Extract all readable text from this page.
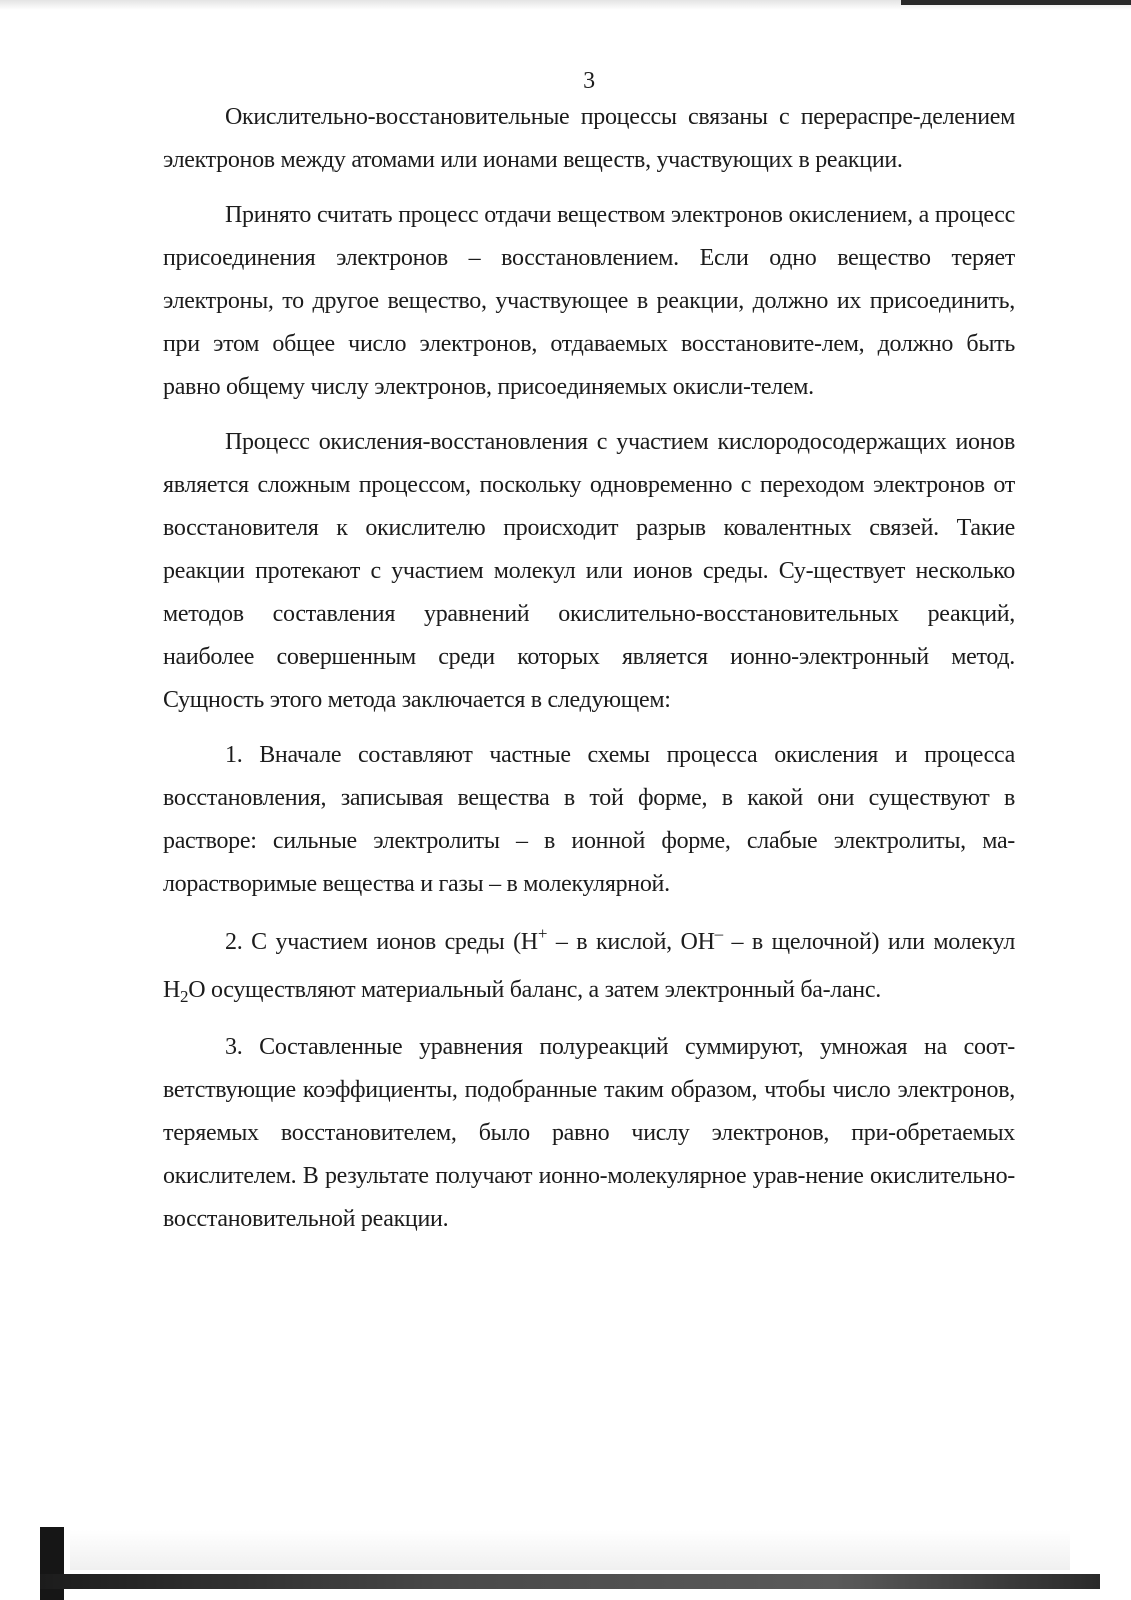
3

Окислительно-восстановительные процессы связаны с перераспре-делением электронов между атомами или ионами веществ, участвующих в реакции.

Принято считать процесс отдачи веществом электронов окислением, а процесс присоединения электронов – восстановлением. Если одно вещество теряет электроны, то другое вещество, участвующее в реакции, должно их присоединить, при этом общее число электронов, отдаваемых восстановите-лем, должно быть равно общему числу электронов, присоединяемых окисли-телем.

Процесс окисления-восстановления с участием кислородосодержащих ионов является сложным процессом, поскольку одновременно с переходом электронов от восстановителя к окислителю происходит разрыв ковалентных связей. Такие реакции протекают с участием молекул или ионов среды. Су-ществует несколько методов составления уравнений окислительно-восстановительных реакций, наиболее совершенным среди которых является ионно-электронный метод. Сущность этого метода заключается в следующем:

1. Вначале составляют частные схемы процесса окисления и процесса восстановления, записывая вещества в той форме, в какой они существуют в растворе: сильные электролиты – в ионной форме, слабые электролиты, ма-лорастворимые вещества и газы – в молекулярной.

2. С участием ионов среды (Н+ – в кислой, ОН– – в щелочной) или молекул $Н_2О$ осуществляют материальный баланс, а затем электронный ба-ланс.

3. Составленные уравнения полуреакций суммируют, умножая на соот-ветствующие коэффициенты, подобранные таким образом, чтобы число электронов, теряемых восстановителем, было равно числу электронов, при-обретаемых окислителем. В результате получают ионно-молекулярное урав-нение окислительно-восстановительной реакции.
